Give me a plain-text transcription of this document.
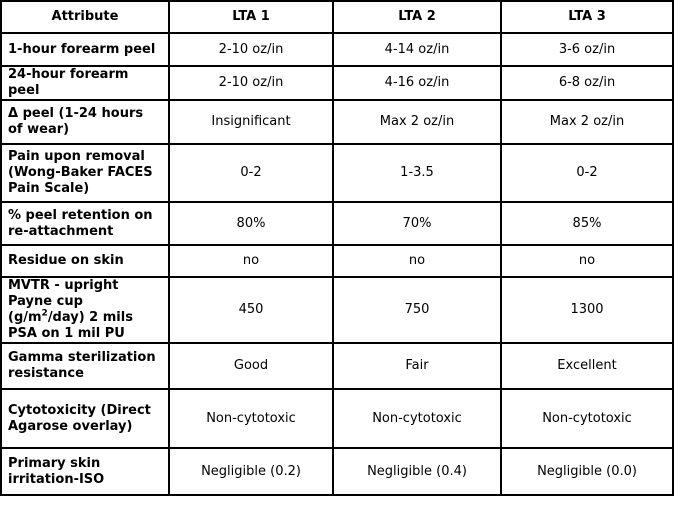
Attribute	LTA 1	LTA 2	LTA 3
1-hour forearm peel	2-10 oz/in	4-14 oz/in	3-6 oz/in
24-hour forearm peel	2-10 oz/in	4-16 oz/in	6-8 oz/in
Δ peel (1-24 hours of wear)	Insignificant	Max 2 oz/in	Max 2 oz/in
Pain upon removal (Wong-Baker FACES Pain Scale)	0-2	1-3.5	0-2
% peel retention on re-attachment	80%	70%	85%
Residue on skin	no	no	no
MVTR - upright Payne cup $(g/m^2/day)$ 2 mils PSA on 1 mil PU	450	750	1300
Gamma sterilization resistance	Good	Fair	Excellent
Cytotoxicity (Direct Agarose overlay)	Non-cytotoxic	Non-cytotoxic	Non-cytotoxic
Primary skin irritation-ISO	Negligible (0.2)	Negligible (0.4)	Negligible (0.0)
